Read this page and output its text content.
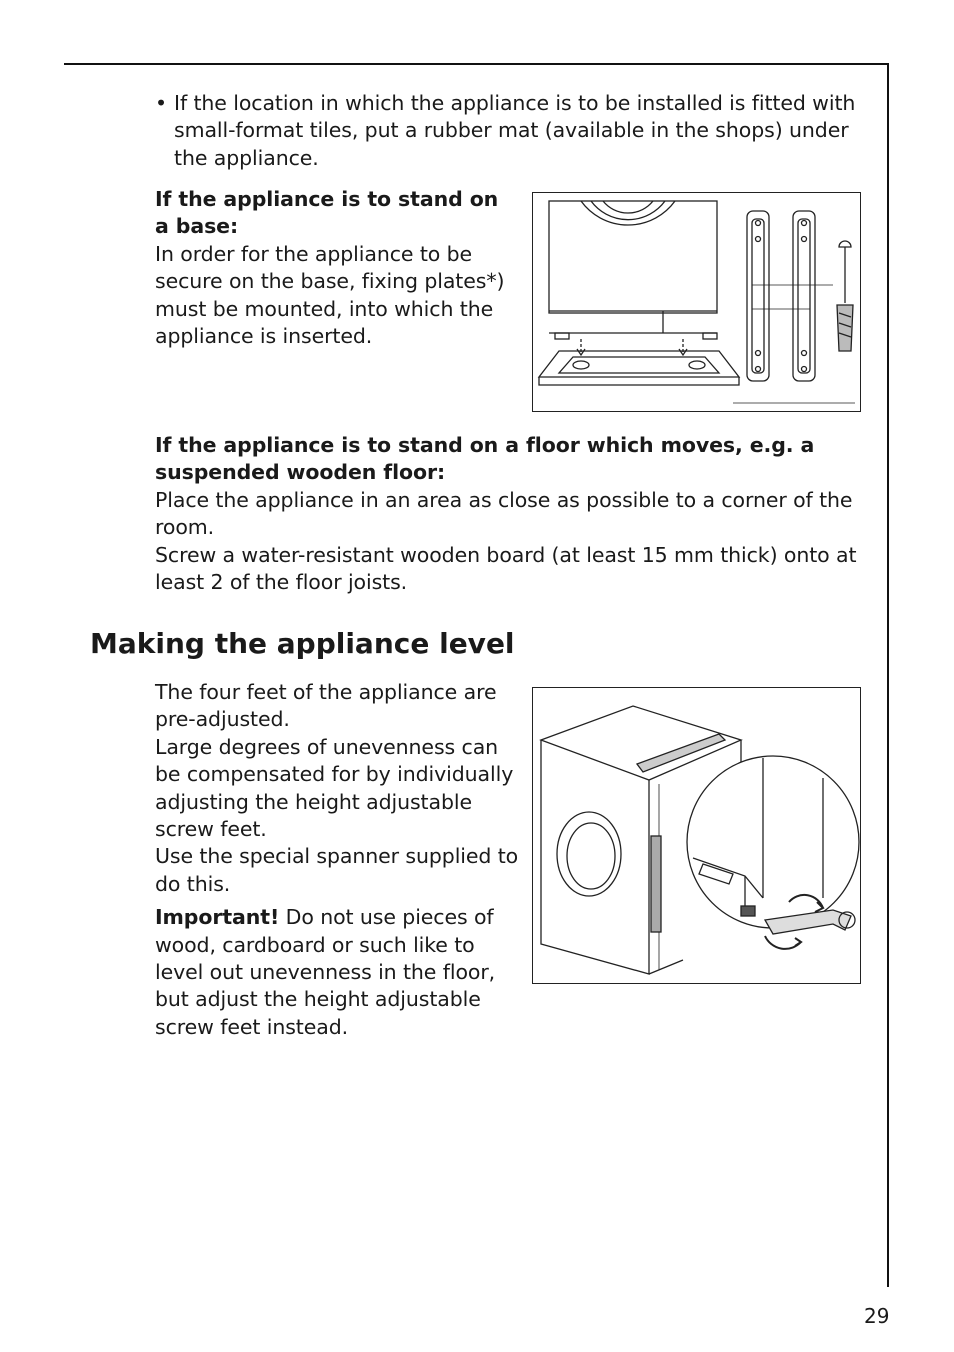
• If the location in which the appliance is to be installed is fitted with small-format tiles, put a rubber mat (available in the shops) under the appliance.
If the appliance is to stand on a base:
In order for the appliance to be secure on the base, fixing plates*) must be mounted, into which the appliance is inserted.
If the appliance is to stand on a floor which moves, e.g. a suspended wooden floor:
Place the appliance in an area as close as possible to a corner of the room.
Screw a water-resistant wooden board (at least 15 mm thick) onto at least 2 of the floor joists.
Making the appliance level
The four feet of the appliance are pre-adjusted.
Large degrees of unevenness can be compensated for by individually adjusting the height adjustable screw feet.
Use the special spanner supplied to do this.
Important! Do not use pieces of wood, cardboard or such like to level out unevenness in the floor, but adjust the height adjustable screw feet instead.
29
